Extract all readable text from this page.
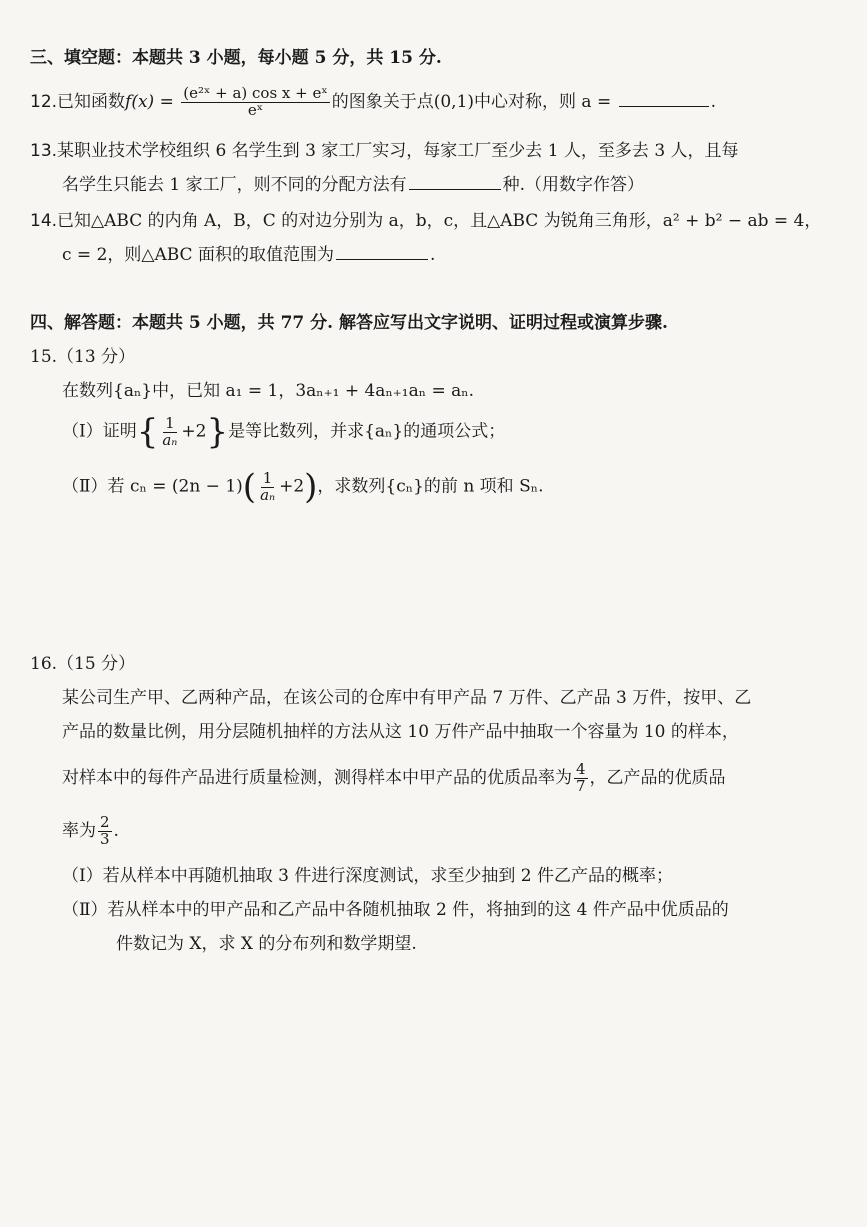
三、填空题：本题共 3 小题，每小题 5 分，共 15 分.
12.已知函数$f(x) = \frac{\text{(e²ˣ + a) cos x + eˣ}}{\text{eˣ}}$ 的图象关于点(0,1)中心对称，则 a =	.
13.某职业技术学校组织 6 名学生到 3 家工厂实习，每家工厂至少去 1 人，至多去 3 人，且每
名学生只能去 1 家工厂，则不同的分配方法有	种.（用数字作答）
14.已知△ABC 的内角 A，B，C 的对边分别为 a，b，c，且△ABC 为锐角三角形，a² + b² − ab = 4，
c = 2，则△ABC 面积的取值范围为	.
四、解答题：本题共 5 小题，共 77 分. 解答应写出文字说明、证明过程或演算步骤.
15.（13 分）
在数列{aₙ}中，已知 a₁ = 1，3aₙ₊₁ + 4aₙ₊₁aₙ = aₙ.
（Ⅰ）证明{ $\frac{1}{\text{aₙ}} +2$}是等比数列，并求{aₙ}的通项公式；
（Ⅱ）若 $c_n = (2n - 1)( \frac{1}{\text{aₙ}} +2)$，求数列{cₙ}的前 n 项和 Sₙ.
16.（15 分）
某公司生产甲、乙两种产品，在该公司的仓库中有甲产品 7 万件、乙产品 3 万件，按甲、乙
产品的数量比例，用分层随机抽样的方法从这 10 万件产品中抽取一个容量为 10 的样本，
对样本中的每件产品进行质量检测，测得样本中甲产品的优质品率为 $\frac{4}{7}$ ，乙产品的优质品
率为 $\frac{2}{3}$ .
（Ⅰ）若从样本中再随机抽取 3 件进行深度测试，求至少抽到 2 件乙产品的概率；
（Ⅱ）若从样本中的甲产品和乙产品中各随机抽取 2 件，将抽到的这 4 件产品中优质品的
件数记为 X，求 X 的分布列和数学期望.
